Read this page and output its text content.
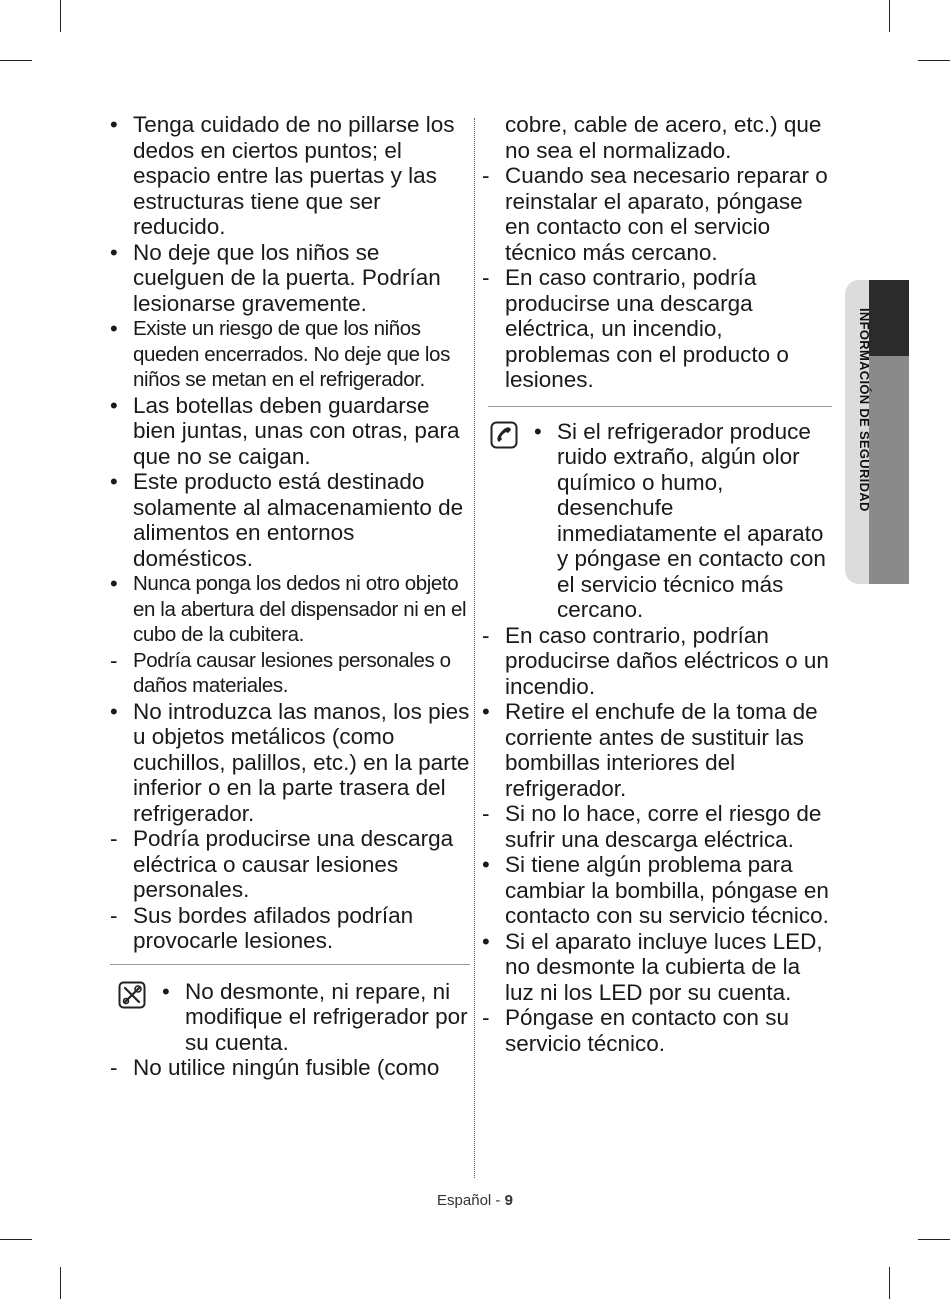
INFORMACIÓN DE SEGURIDAD
•
Tenga cuidado de no pillarse los dedos en ciertos puntos; el espacio entre las puertas y las estructuras tiene que ser reducido.
•
No deje que los niños se cuelguen de la puerta. Podrían lesionarse gravemente.
•
Existe un riesgo de que los niños queden encerrados. No deje que los niños se metan en el refrigerador.
•
Las botellas deben guardarse bien juntas, unas con otras, para que no se caigan.
•
Este producto está destinado solamente al almacenamiento de alimentos en entornos domésticos.
•
Nunca ponga los dedos ni otro objeto en la abertura del dispensador ni en el cubo de la cubitera.
-
Podría causar lesiones personales o daños materiales.
•
No introduzca las manos, los pies u objetos metálicos (como cuchillos, palillos, etc.) en la parte inferior o en la parte trasera del refrigerador.
-
Podría producirse una descarga eléctrica o causar lesiones personales.
-
Sus bordes afilados podrían provocarle lesiones.
•
No desmonte, ni repare, ni modifique el refrigerador por su cuenta.
-
No utilice ningún fusible (como
cobre, cable de acero, etc.) que no sea el normalizado.
-
Cuando sea necesario reparar o reinstalar el aparato, póngase en contacto con el servicio técnico más cercano.
-
En caso contrario, podría producirse una descarga eléctrica, un incendio, problemas con el producto o lesiones.
•
Si el refrigerador produce ruido extraño, algún olor químico o humo, desenchufe inmediatamente el aparato y póngase en contacto con el servicio técnico más cercano.
-
En caso contrario, podrían producirse daños eléctricos o un incendio.
•
Retire el enchufe de la toma de corriente antes de sustituir las bombillas interiores del refrigerador.
-
Si no lo hace, corre el riesgo de sufrir una descarga eléctrica.
•
Si tiene algún problema para cambiar la bombilla, póngase en contacto con su servicio técnico.
•
Si el aparato incluye luces LED, no desmonte la cubierta de la luz ni los LED por su cuenta.
-
Póngase en contacto con su servicio técnico.
Español - 9
